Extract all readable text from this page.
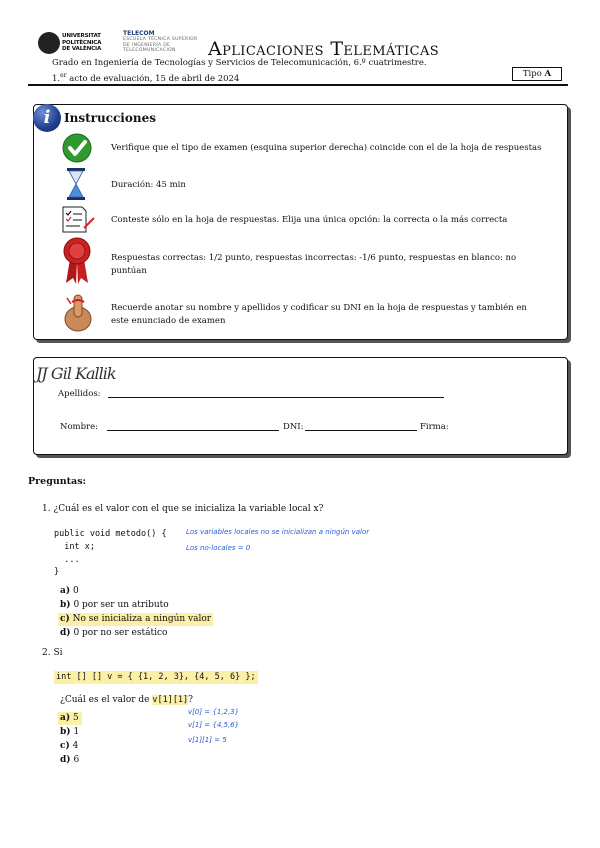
UNIVERSITAT
POLITÈCNICA
DE VALÈNCIA
TELECOM
ESCUELA TÉCNICA SUPERIOR
DE INGENIERÍA DE
TELECOMUNICACIÓN	Aplicaciones Telemáticas
Grado en Ingeniería de Tecnologías y Servicios de Telecomunicación, 6.º cuatrimestre.
1.$^{er}$ acto de evaluación, 15 de abril de 2024	Tipo A
i	Instrucciones
Verifique que el tipo de examen (esquina superior derecha) coincide con el de la hoja de respuestas
Duración: 45 min
Conteste sólo en la hoja de respuestas. Elija una única opción: la correcta o la más correcta
Respuestas correctas: 1/2 punto, respuestas incorrectas: -1/6 punto, respuestas en blanco: no puntúan
Recuerde anotar su nombre y apellidos y codificar su DNI en la hoja de respuestas y también en este enunciado de examen
JJ Gil Kallik
Apellidos:
Nombre:	DNI:	Firma:
Preguntas:
1. ¿Cuál es el valor con el que se inicializa la variable local x?
public void metodo() {
int x;
...
}
Los variables locales no se inicializan a ningún valor
Los no-locales = 0
a) 0
b) 0 por ser un atributo
c) No se inicializa a ningún valor
d) 0 por no ser estático
2. Si
int [] [] v = { {1, 2, 3}, {4, 5, 6} };
¿Cuál es el valor de v[1][1]?
v[0] = {1,2,3}
v[1] = {4,5,6}
v[1][1] = 5
a) 5
b) 1
c) 4
d) 6
